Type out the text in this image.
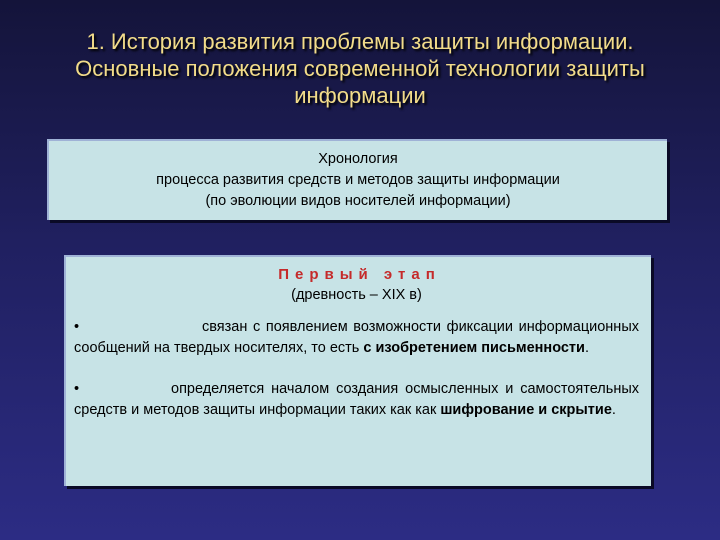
1. История развития проблемы защиты информации.
Основные положения современной технологии защиты
информации
Хронология
процесса развития средств и методов защиты информации
(по эволюции видов носителей информации)
Первый этап
(древность – XIX в)
•	связан с появлением возможности фиксации информационных сообщений на твердых носителях, то есть с изобретением письменности.
•	определяется началом создания осмысленных и самостоятельных средств и методов защиты информации таких как как шифрование и скрытие.
